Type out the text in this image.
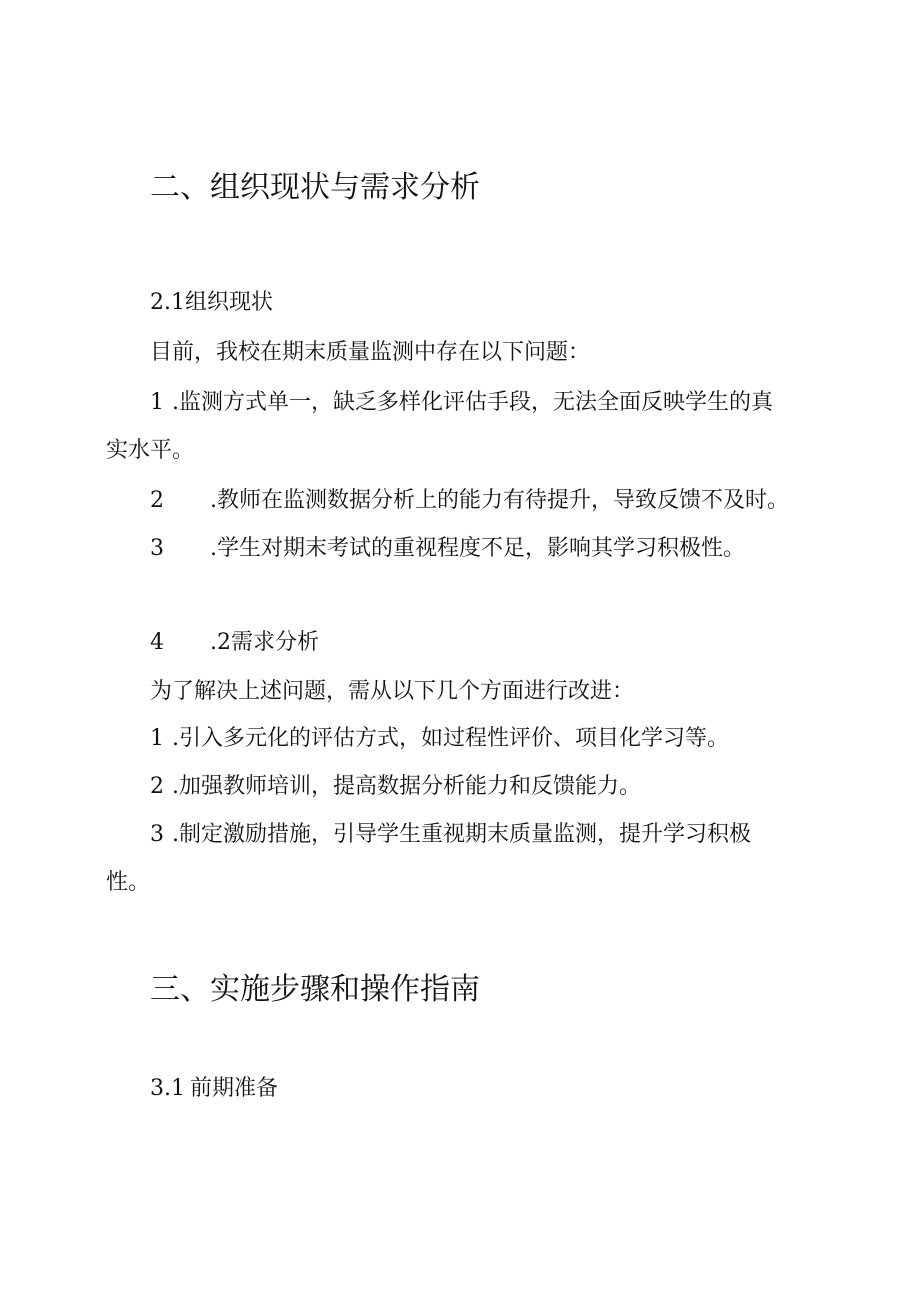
二、组织现状与需求分析
2.1组织现状
目前，我校在期末质量监测中存在以下问题：
1 .监测方式单一，缺乏多样化评估手段，无法全面反映学生的真
实水平。
2 .教师在监测数据分析上的能力有待提升，导致反馈不及时。
3 .学生对期末考试的重视程度不足，影响其学习积极性。
4 .2需求分析
为了解决上述问题，需从以下几个方面进行改进：
1 .引入多元化的评估方式，如过程性评价、项目化学习等。
2 .加强教师培训，提高数据分析能力和反馈能力。
3 .制定激励措施，引导学生重视期末质量监测，提升学习积极
性。
三、实施步骤和操作指南
3.1 前期准备
